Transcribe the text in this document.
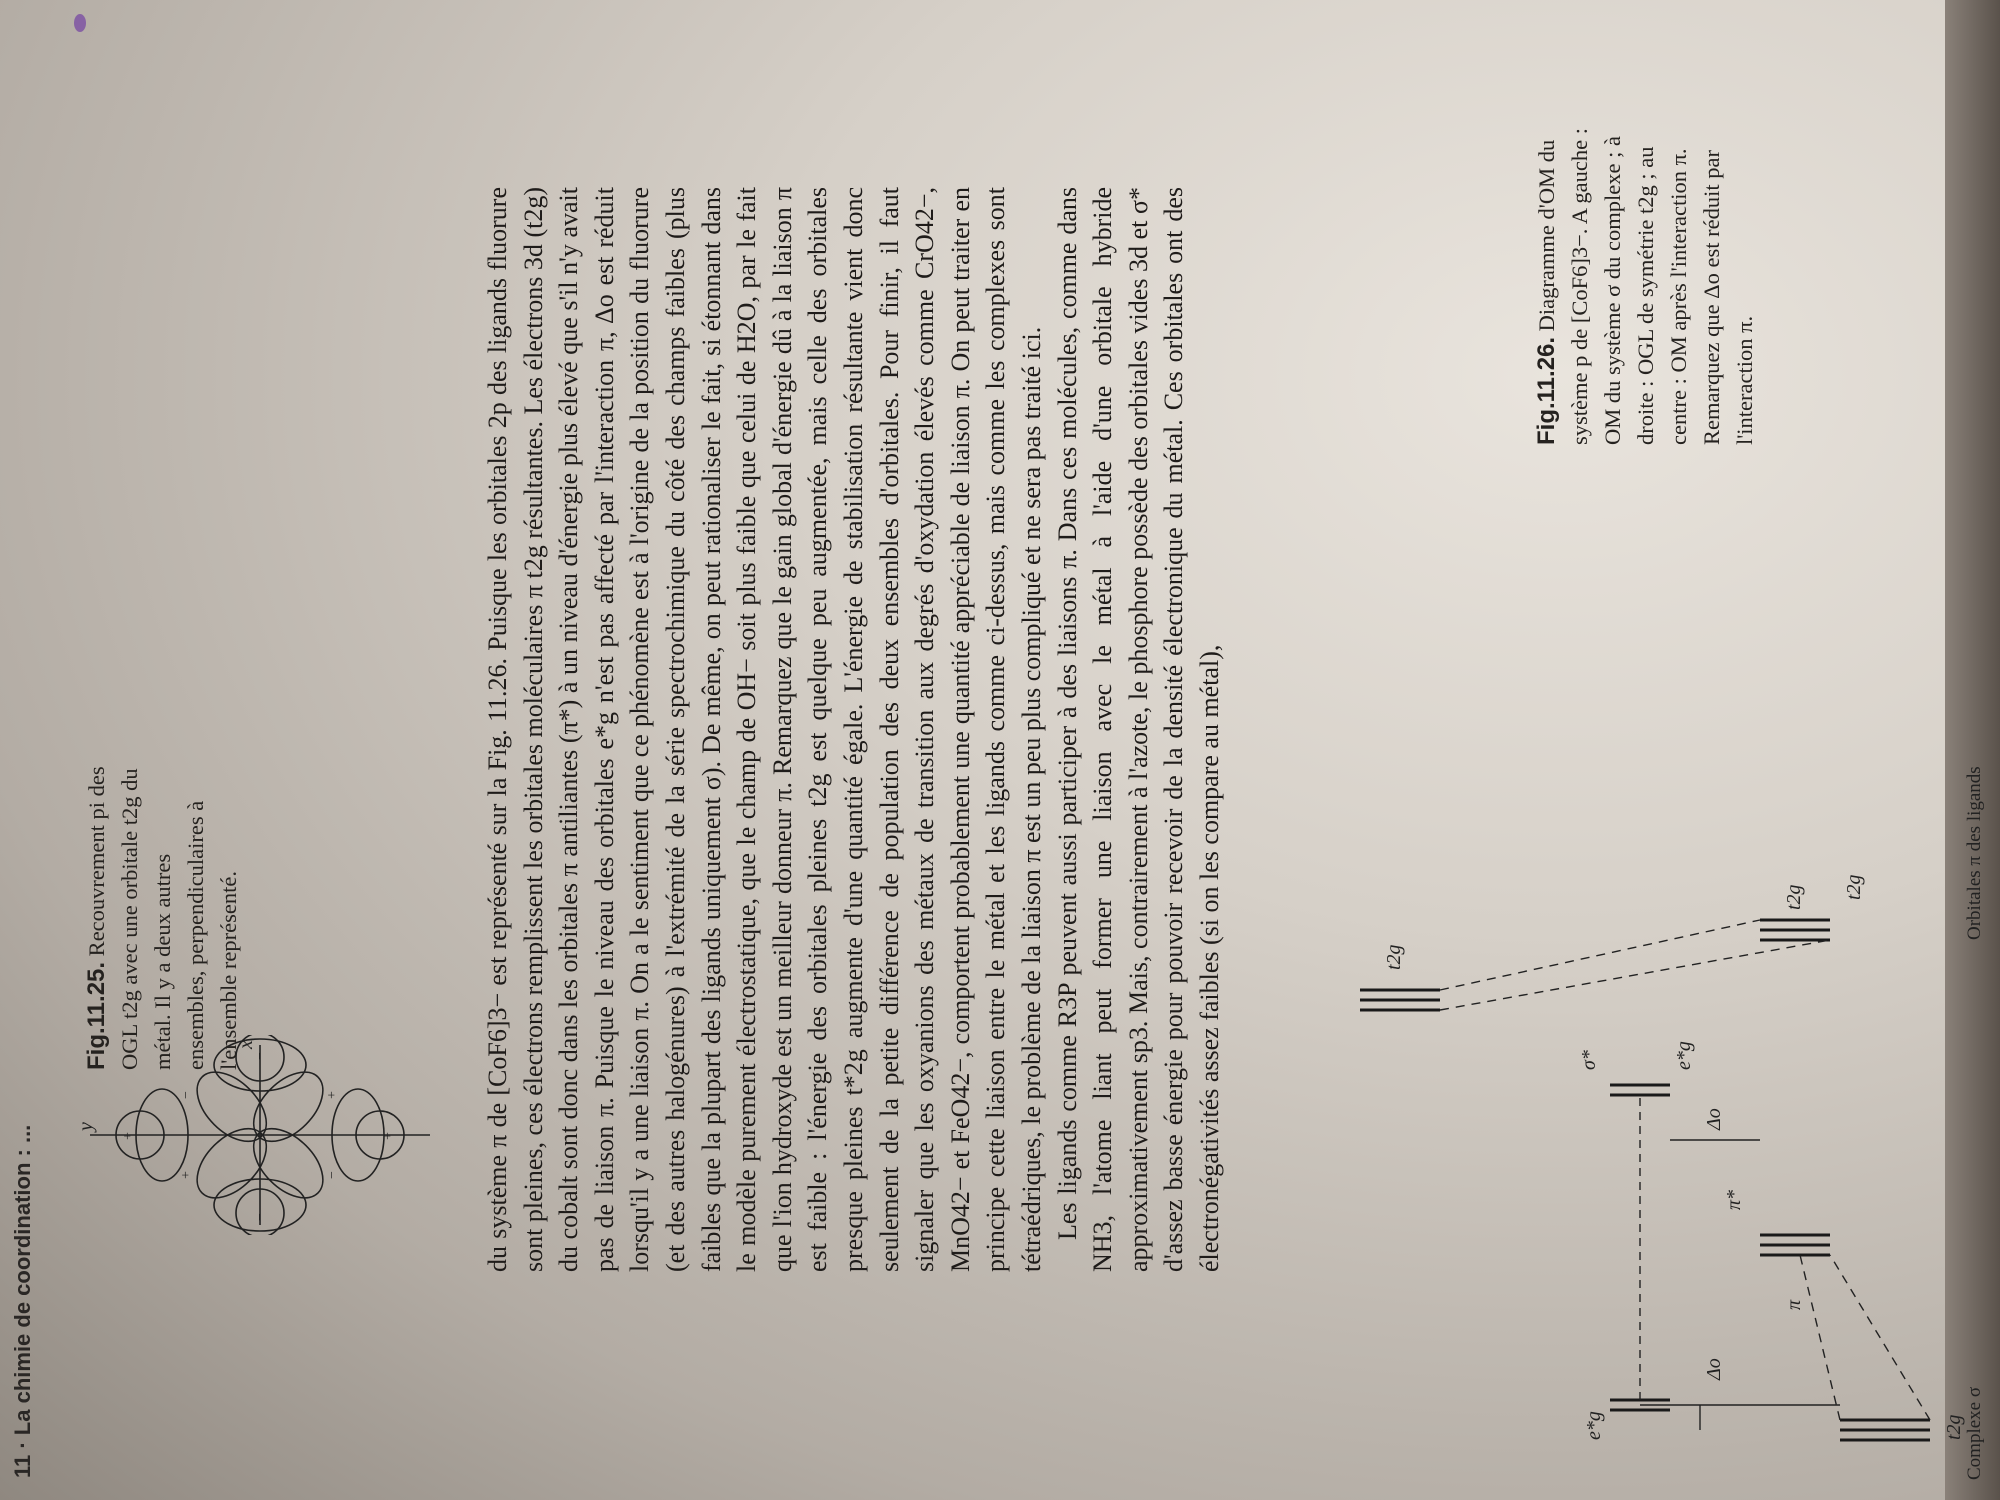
11 · La chimie de coordination : ...	+
−
−
+
+	+
−
−
y
x
Fig.11.25. Recouvrement pi des OGL t2g avec une orbitale t2g du métal. Il y a deux autres ensembles, perpendiculaires à l'ensemble représenté.	du système π de [CoF6]3− est représenté sur la Fig. 11.26. Puisque les orbitales 2p des ligands fluorure sont pleines, ces électrons remplissent les orbitales moléculaires π t2g résultantes. Les électrons 3d (t2g) du cobalt sont donc dans les orbitales π antiliantes (π*) à un niveau d'énergie plus élevé que s'il n'y avait pas de liaison π. Puisque le niveau des orbitales e*g n'est pas affecté par l'interaction π, Δo est réduit lorsqu'il y a une liaison π. On a le sentiment que ce phénomène est à l'origine de la position du fluorure (et des autres halogénures) à l'extrémité de la série spectrochimique du côté des champs faibles (plus faibles que la plupart des ligands uniquement σ). De même, on peut rationaliser le fait, si étonnant dans le modèle purement électrostatique, que le champ de OH− soit plus faible que celui de H2O, par le fait que l'ion hydroxyde est un meilleur donneur π. Remarquez que le gain global d'énergie dû à la liaison π est faible : l'énergie des orbitales pleines t2g est quelque peu augmentée, mais celle des orbitales presque pleines t*2g augmente d'une quantité égale. L'énergie de stabilisation résultante vient donc seulement de la petite différence de population des deux ensembles d'orbitales. Pour finir, il faut signaler que les oxyanions des métaux de transition aux degrés d'oxydation élevés comme CrO42−, MnO42− et FeO42−, comportent probablement une quantité appréciable de liaison π. On peut traiter en principe cette liaison entre le métal et les ligands comme ci-dessus, mais comme les complexes sont tétraédriques, le problème de la liaison π est un peu plus compliqué et ne sera pas traité ici. Les ligands comme R3P peuvent aussi participer à des liaisons π. Dans ces molécules, comme dans NH3, l'atome liant peut former une liaison avec le métal à l'aide d'une orbitale hybride approximativement sp3. Mais, contrairement à l'azote, le phosphore possède des orbitales vides 3d et σ* d'assez basse énergie pour pouvoir recevoir de la densité électronique du métal. Ces orbitales ont des électronégativités assez faibles (si on les compare au métal),

e*g	t2g
Δo
σ*
π*
e*g
Δo
t2g
π
t2g
t2g
Complexe σ
Orbitales π des ligands
Fig.11.26. Diagramme d'OM du système p de [CoF6]3−. A gauche : OM du système σ du complexe ; à droite : OGL de symétrie t2g ; au centre : OM après l'interaction π. Remarquez que Δo est réduit par l'interaction π.
